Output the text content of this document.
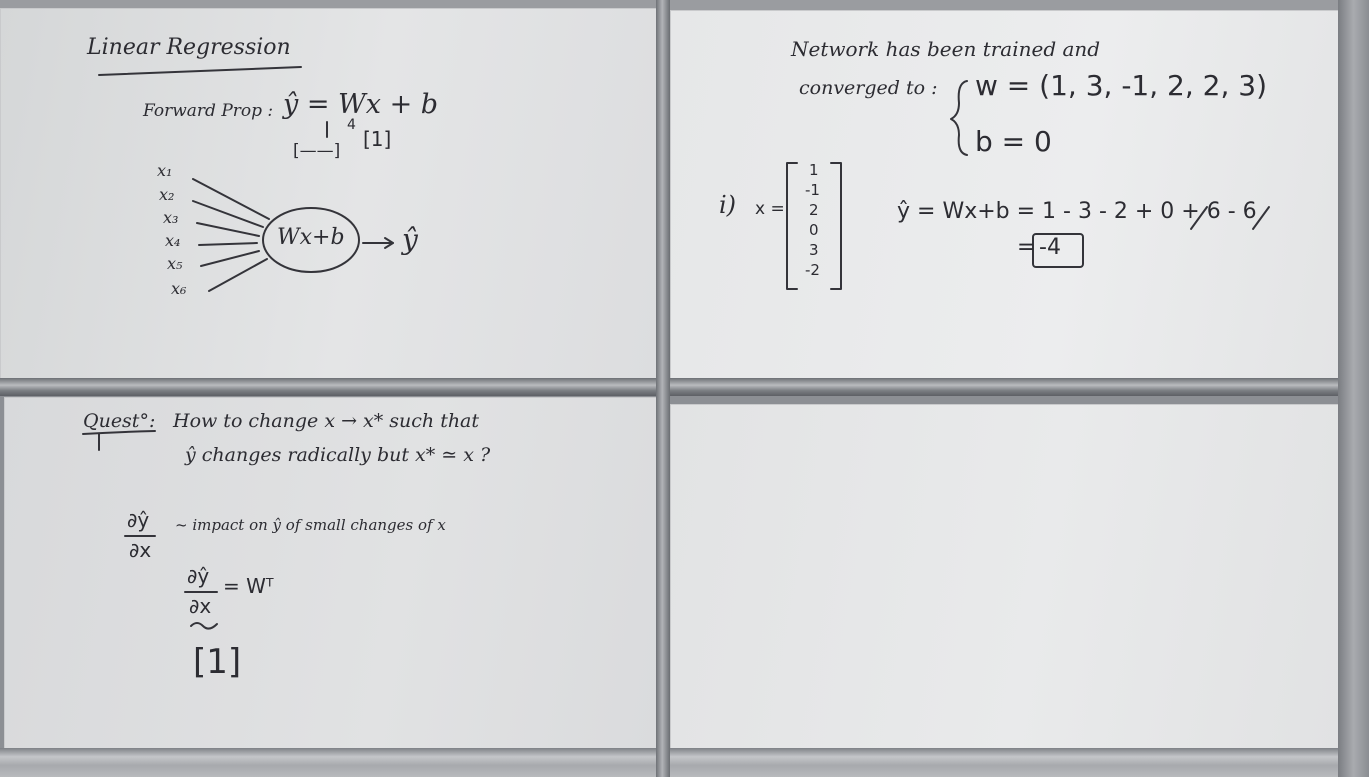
Linear Regression
Forward Prop : ŷ = Wx + b
[——]
4
[1]
x₁
x₂
x₃
x₄
x₅
x₆
Wx+b ŷ
Network has been trained and
converged to : w = (1, 3, -1, 2, 2, 3)
b = 0
i) x =
1
-1
2
0
3
-2
ŷ = Wx+b = 1 - 3 - 2 + 0 + 6 - 6
= -4
Quest°: How to change x → x* such that
ŷ changes radically but x* ≃ x ?
∂ŷ
∂x
~ impact on ŷ of small changes of x
∂ŷ
∂x
= Wᵀ
[1]
